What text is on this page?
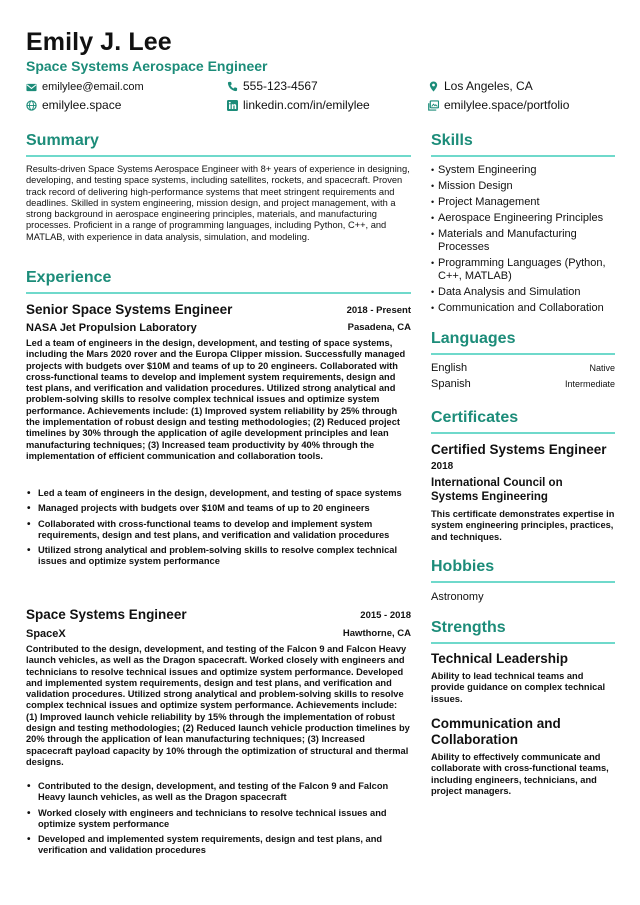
Emily J. Lee
Space Systems Aerospace Engineer
emilylee@email.com	555-123-4567	Los Angeles, CA
emilylee.space	linkedin.com/in/emilylee	emilylee.space/portfolio
Summary
Results-driven Space Systems Aerospace Engineer with 8+ years of experience in designing, developing, and testing space systems, including satellites, rockets, and spacecraft. Proven track record of delivering high-performance systems that meet stringent requirements and deadlines. Skilled in system engineering, mission design, and project management, with a strong background in aerospace engineering principles, materials, and manufacturing processes. Proficient in a range of programming languages, including Python, C++, and MATLAB, with experience in data analysis, simulation, and modeling.
Experience
Senior Space Systems Engineer	2018 - Present
NASA Jet Propulsion Laboratory	Pasadena, CA
Led a team of engineers in the design, development, and testing of space systems, including the Mars 2020 rover and the Europa Clipper mission. Successfully managed projects with budgets over $10M and teams of up to 20 engineers. Collaborated with cross-functional teams to develop and implement system requirements, design and test plans, and verification and validation procedures. Utilized strong analytical and problem-solving skills to resolve complex technical issues and optimize system performance. Achievements include: (1) Improved system reliability by 25% through the implementation of robust design and testing methodologies; (2) Reduced project timelines by 30% through the application of agile development principles and lean manufacturing techniques; (3) Increased team productivity by 40% through the implementation of efficient communication and collaboration tools.
• Led a team of engineers in the design, development, and testing of space systems
• Managed projects with budgets over $10M and teams of up to 20 engineers
• Collaborated with cross-functional teams to develop and implement system requirements, design and test plans, and verification and validation procedures
• Utilized strong analytical and problem-solving skills to resolve complex technical issues and optimize system performance
Space Systems Engineer	2015 - 2018
SpaceX	Hawthorne, CA
Contributed to the design, development, and testing of the Falcon 9 and Falcon Heavy launch vehicles, as well as the Dragon spacecraft. Worked closely with engineers and technicians to resolve technical issues and optimize system performance. Developed and implemented system requirements, design and test plans, and verification and validation procedures. Utilized strong analytical and problem-solving skills to resolve complex technical issues and optimize system performance. Achievements include: (1) Improved launch vehicle reliability by 15% through the implementation of robust design and testing methodologies; (2) Reduced launch vehicle production timelines by 20% through the application of lean manufacturing techniques; (3) Increased spacecraft payload capacity by 10% through the optimization of structural and thermal designs.
• Contributed to the design, development, and testing of the Falcon 9 and Falcon Heavy launch vehicles, as well as the Dragon spacecraft
• Worked closely with engineers and technicians to resolve technical issues and optimize system performance
• Developed and implemented system requirements, design and test plans, and verification and validation procedures
Skills
• System Engineering
• Mission Design
• Project Management
• Aerospace Engineering Principles
• Materials and Manufacturing Processes
• Programming Languages (Python, C++, MATLAB)
• Data Analysis and Simulation
• Communication and Collaboration
Languages
English	Native
Spanish	Intermediate
Certificates
Certified Systems Engineer
2018
International Council on Systems Engineering
This certificate demonstrates expertise in system engineering principles, practices, and techniques.
Hobbies
Astronomy
Strengths
Technical Leadership
Ability to lead technical teams and provide guidance on complex technical issues.
Communication and Collaboration
Ability to effectively communicate and collaborate with cross-functional teams, including engineers, technicians, and project managers.
